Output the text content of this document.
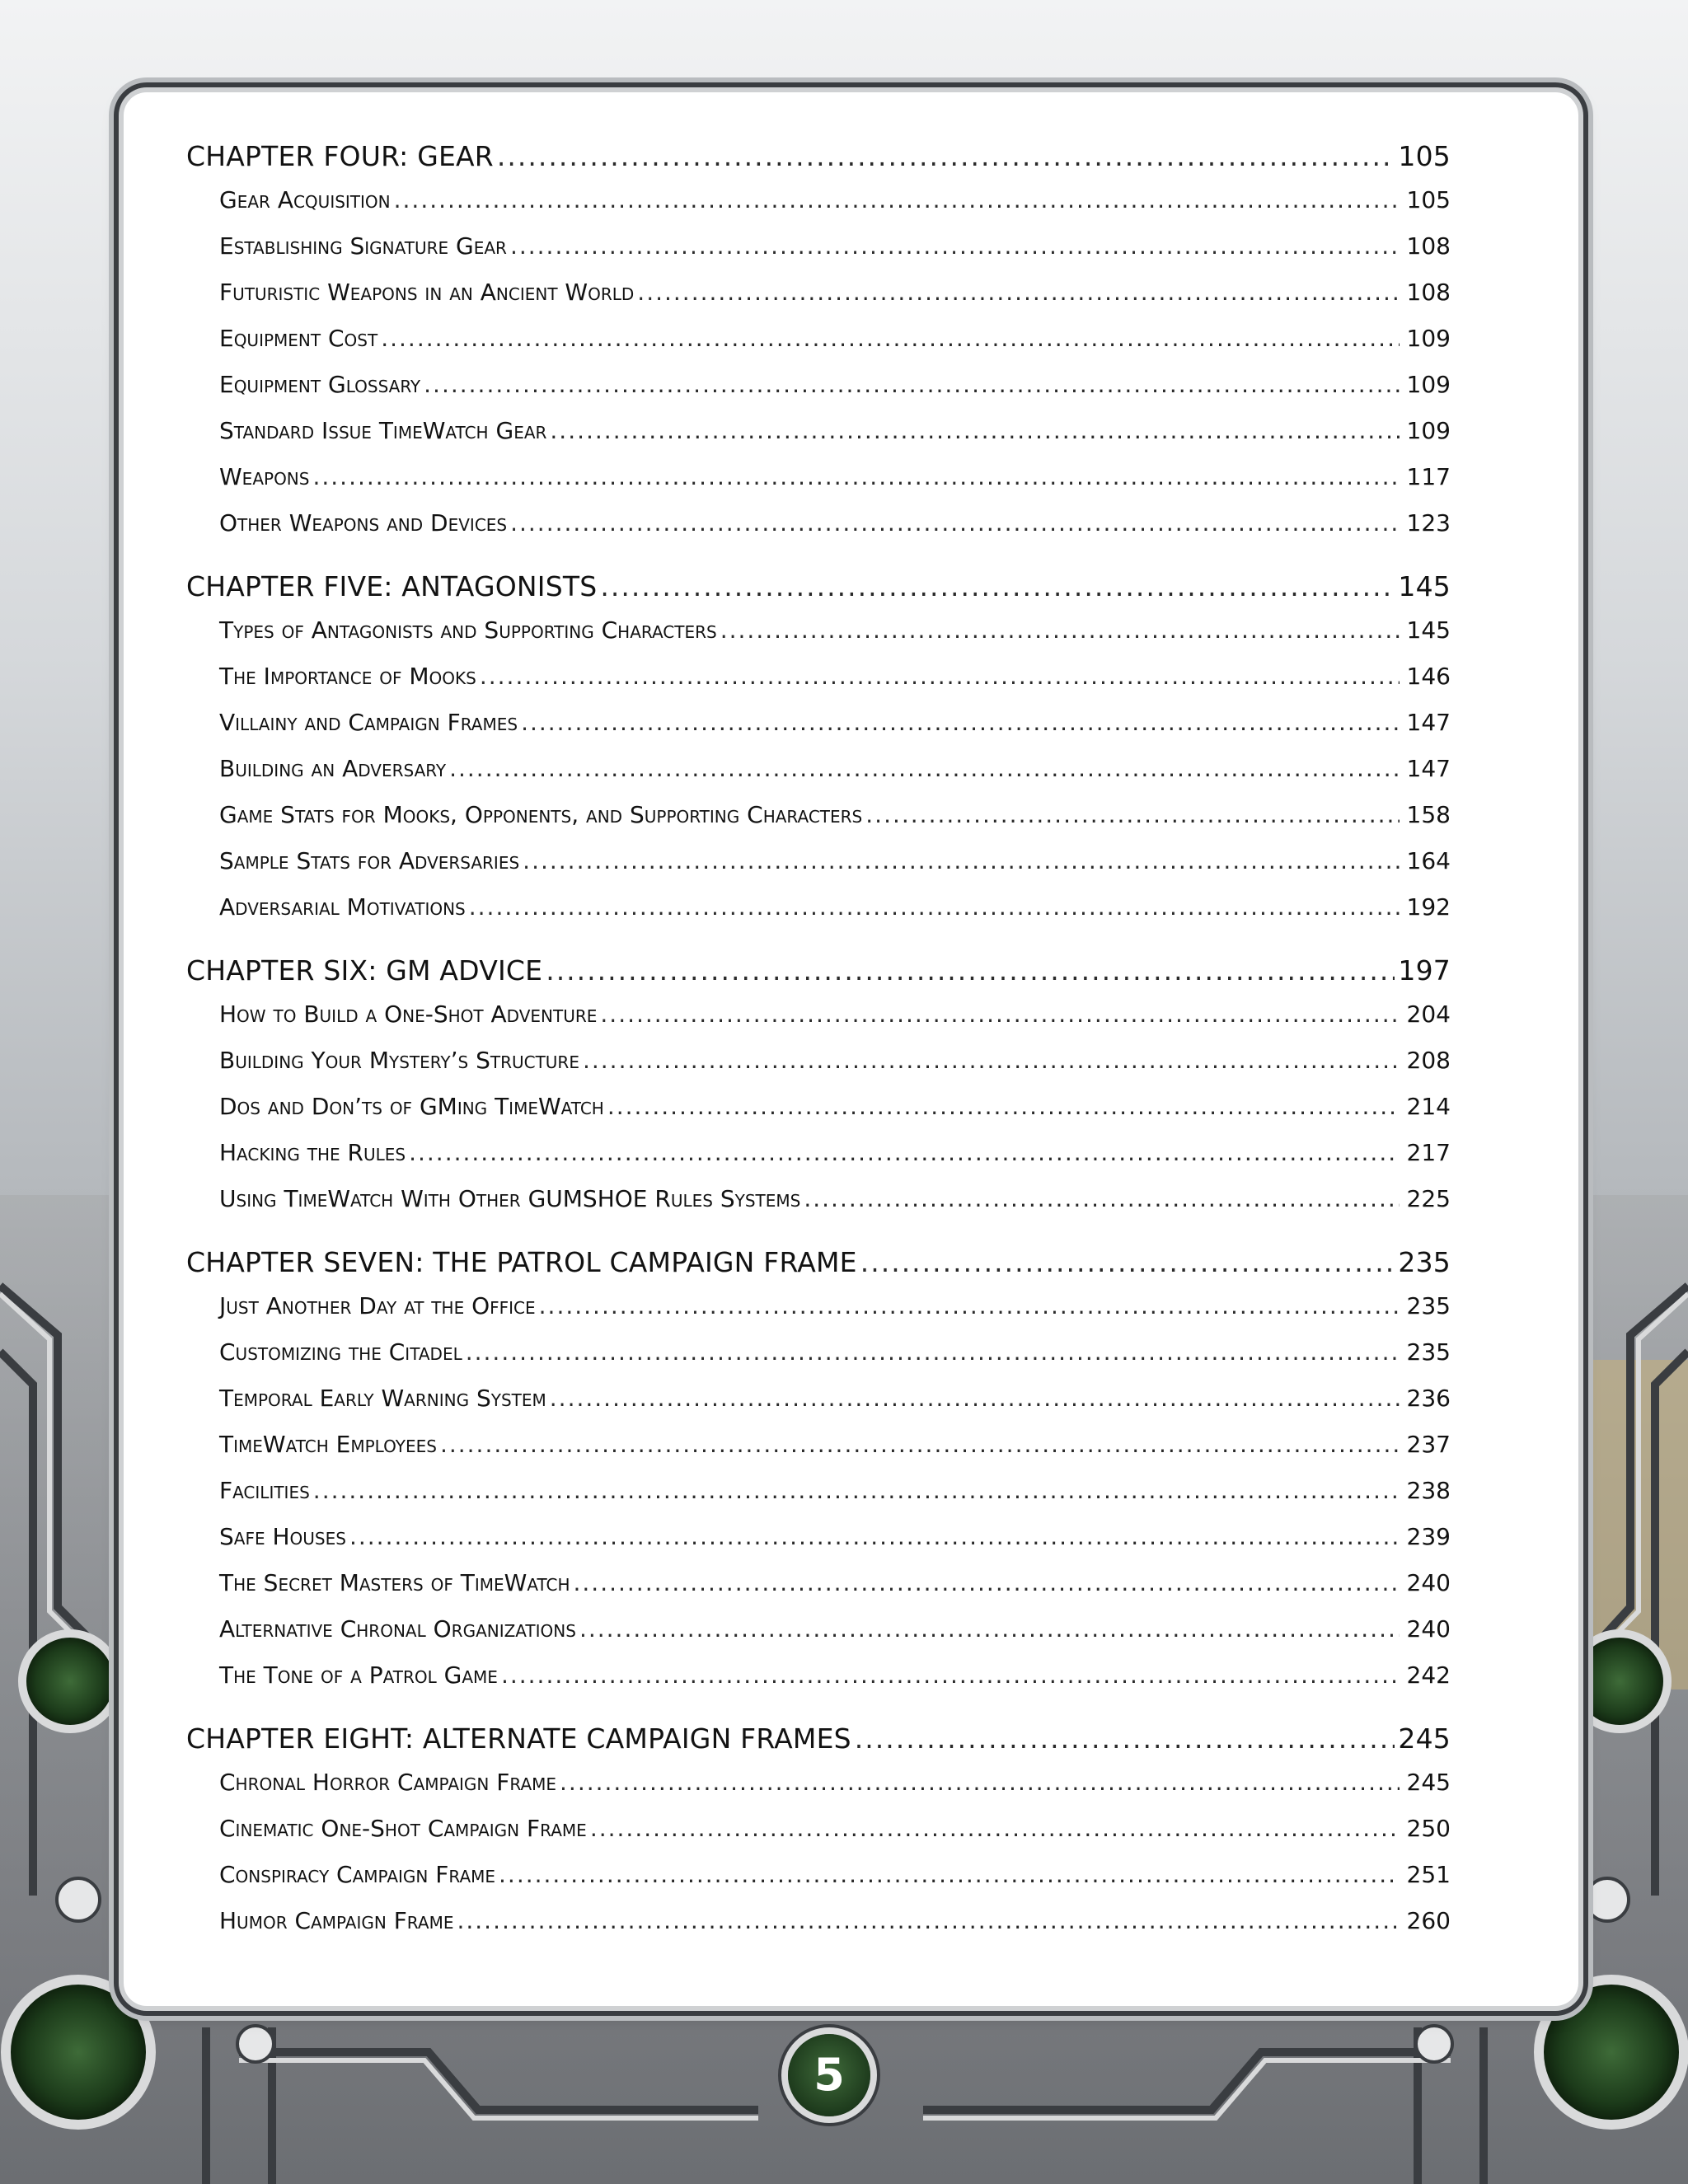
CHAPTER FOUR: GEAR .....	105
Gear Acquisition .....	105
Establishing Signature Gear .....	108
Futuristic Weapons in an Ancient World .....	108
Equipment Cost .....	109
Equipment Glossary .....	109
Standard Issue TimeWatch Gear .....	109
Weapons .....	117
Other Weapons and Devices .....	123
CHAPTER FIVE: ANTAGONISTS .....	145
Types of Antagonists and Supporting Characters .....	145
The Importance of Mooks .....	146
Villainy and Campaign Frames .....	147
Building an Adversary .....	147
Game Stats for Mooks, Opponents, and Supporting Characters .....	158
Sample Stats for Adversaries .....	164
Adversarial Motivations .....	192
CHAPTER SIX: GM ADVICE .....	197
How to Build a One-Shot Adventure .....	204
Building Your Mystery’s Structure .....	208
Dos and Don’ts of GMing TimeWatch .....	214
Hacking the Rules .....	217
Using TimeWatch With Other GUMSHOE Rules Systems .....	225
CHAPTER SEVEN: THE PATROL CAMPAIGN FRAME .....	235
Just Another Day at the Office .....	235
Customizing the Citadel .....	235
Temporal Early Warning System .....	236
TimeWatch Employees .....	237
Facilities .....	238
Safe Houses .....	239
The Secret Masters of TimeWatch .....	240
Alternative Chronal Organizations .....	240
The Tone of a Patrol Game .....	242
CHAPTER EIGHT: ALTERNATE CAMPAIGN FRAMES .....	245
Chronal Horror Campaign Frame .....	245
Cinematic One-Shot Campaign Frame .....	250
Conspiracy Campaign Frame .....	251
Humor Campaign Frame .....	260
5
